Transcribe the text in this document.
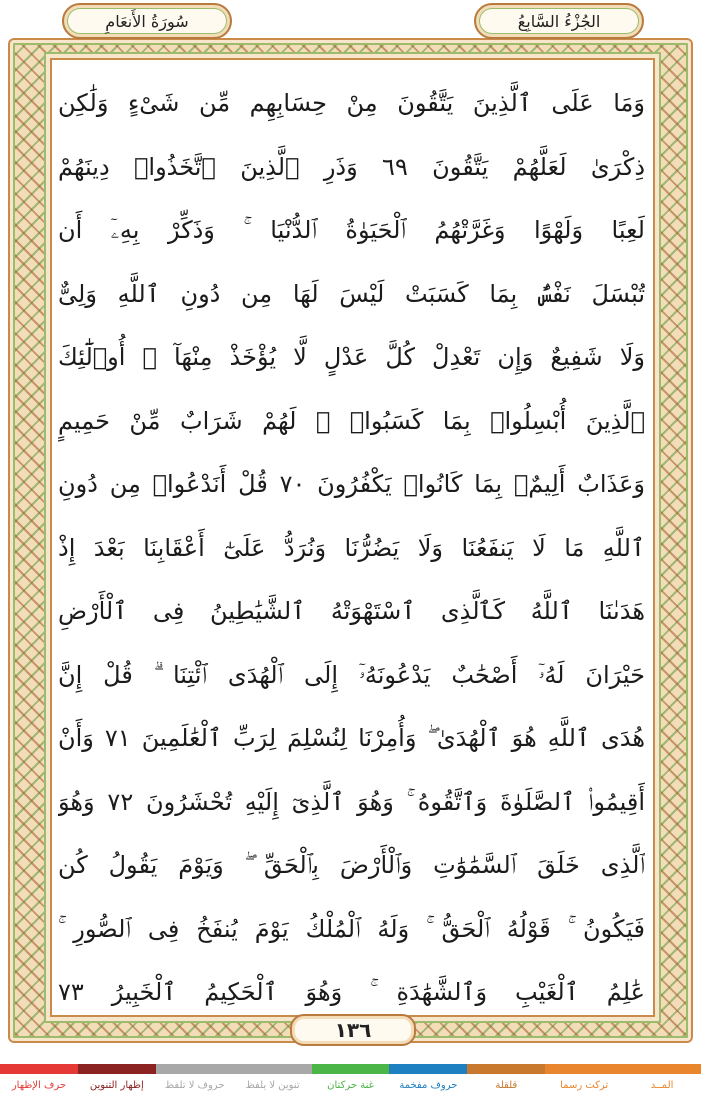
سُورَةُ الأَنعَامِ	الجُزْءُ السَّابِعُ
وَمَا عَلَى ٱلَّذِينَ يَتَّقُونَ مِنْ حِسَابِهِم مِّن شَىْءٍ وَلَٰكِن
ذِكْرَىٰ لَعَلَّهُمْ يَتَّقُونَ ٦٩ وَذَرِ ٱلَّذِينَ ٱتَّخَذُوا۟ دِينَهُمْ
لَعِبًا وَلَهْوًا وَغَرَّتْهُمُ ٱلْحَيَوٰةُ ٱلدُّنْيَا ۚ وَذَكِّرْ بِهِۦٓ أَن
تُبْسَلَ نَفْسٌۢ بِمَا كَسَبَتْ لَيْسَ لَهَا مِن دُونِ ٱللَّهِ وَلِىٌّ
وَلَا شَفِيعٌ وَإِن تَعْدِلْ كُلَّ عَدْلٍ لَّا يُؤْخَذْ مِنْهَآ ۗ أُو۟لَٰٓئِكَ
ٱلَّذِينَ أُبْسِلُوا۟ بِمَا كَسَبُوا۟ ۖ لَهُمْ شَرَابٌ مِّنْ حَمِيمٍ
وَعَذَابٌ أَلِيمٌۢ بِمَا كَانُوا۟ يَكْفُرُونَ ٧٠ قُلْ أَنَدْعُوا۟ مِن دُونِ
ٱللَّهِ مَا لَا يَنفَعُنَا وَلَا يَضُرُّنَا وَنُرَدُّ عَلَىٰٓ أَعْقَابِنَا بَعْدَ إِذْ
هَدَىٰنَا ٱللَّهُ كَٱلَّذِى ٱسْتَهْوَتْهُ ٱلشَّيَٰطِينُ فِى ٱلْأَرْضِ
حَيْرَانَ لَهُۥٓ أَصْحَٰبٌ يَدْعُونَهُۥٓ إِلَى ٱلْهُدَى ٱئْتِنَا ۗ قُلْ إِنَّ
هُدَى ٱللَّهِ هُوَ ٱلْهُدَىٰ ۖ وَأُمِرْنَا لِنُسْلِمَ لِرَبِّ ٱلْعَٰلَمِينَ ٧١ وَأَنْ
أَقِيمُوا۟ ٱلصَّلَوٰةَ وَٱتَّقُوهُ ۚ وَهُوَ ٱلَّذِىٓ إِلَيْهِ تُحْشَرُونَ ٧٢ وَهُوَ
ٱلَّذِى خَلَقَ ٱلسَّمَٰوَٰتِ وَٱلْأَرْضَ بِٱلْحَقِّ ۖ وَيَوْمَ يَقُولُ كُن
فَيَكُونُ ۚ قَوْلُهُ ٱلْحَقُّ ۚ وَلَهُ ٱلْمُلْكُ يَوْمَ يُنفَخُ فِى ٱلصُّورِ ۚ
عَٰلِمُ ٱلْغَيْبِ وَٱلشَّهَٰدَةِ ۚ وَهُوَ ٱلْحَكِيمُ ٱلْخَبِيرُ ٧٣
١٣٦
المــد
تركت رسما
قلقلة
حروف مفخمة
غنة حركتان
تنوين لا يلفظ
حروف لا تلفظ
إظهار التنوين
حرف الإظهار
